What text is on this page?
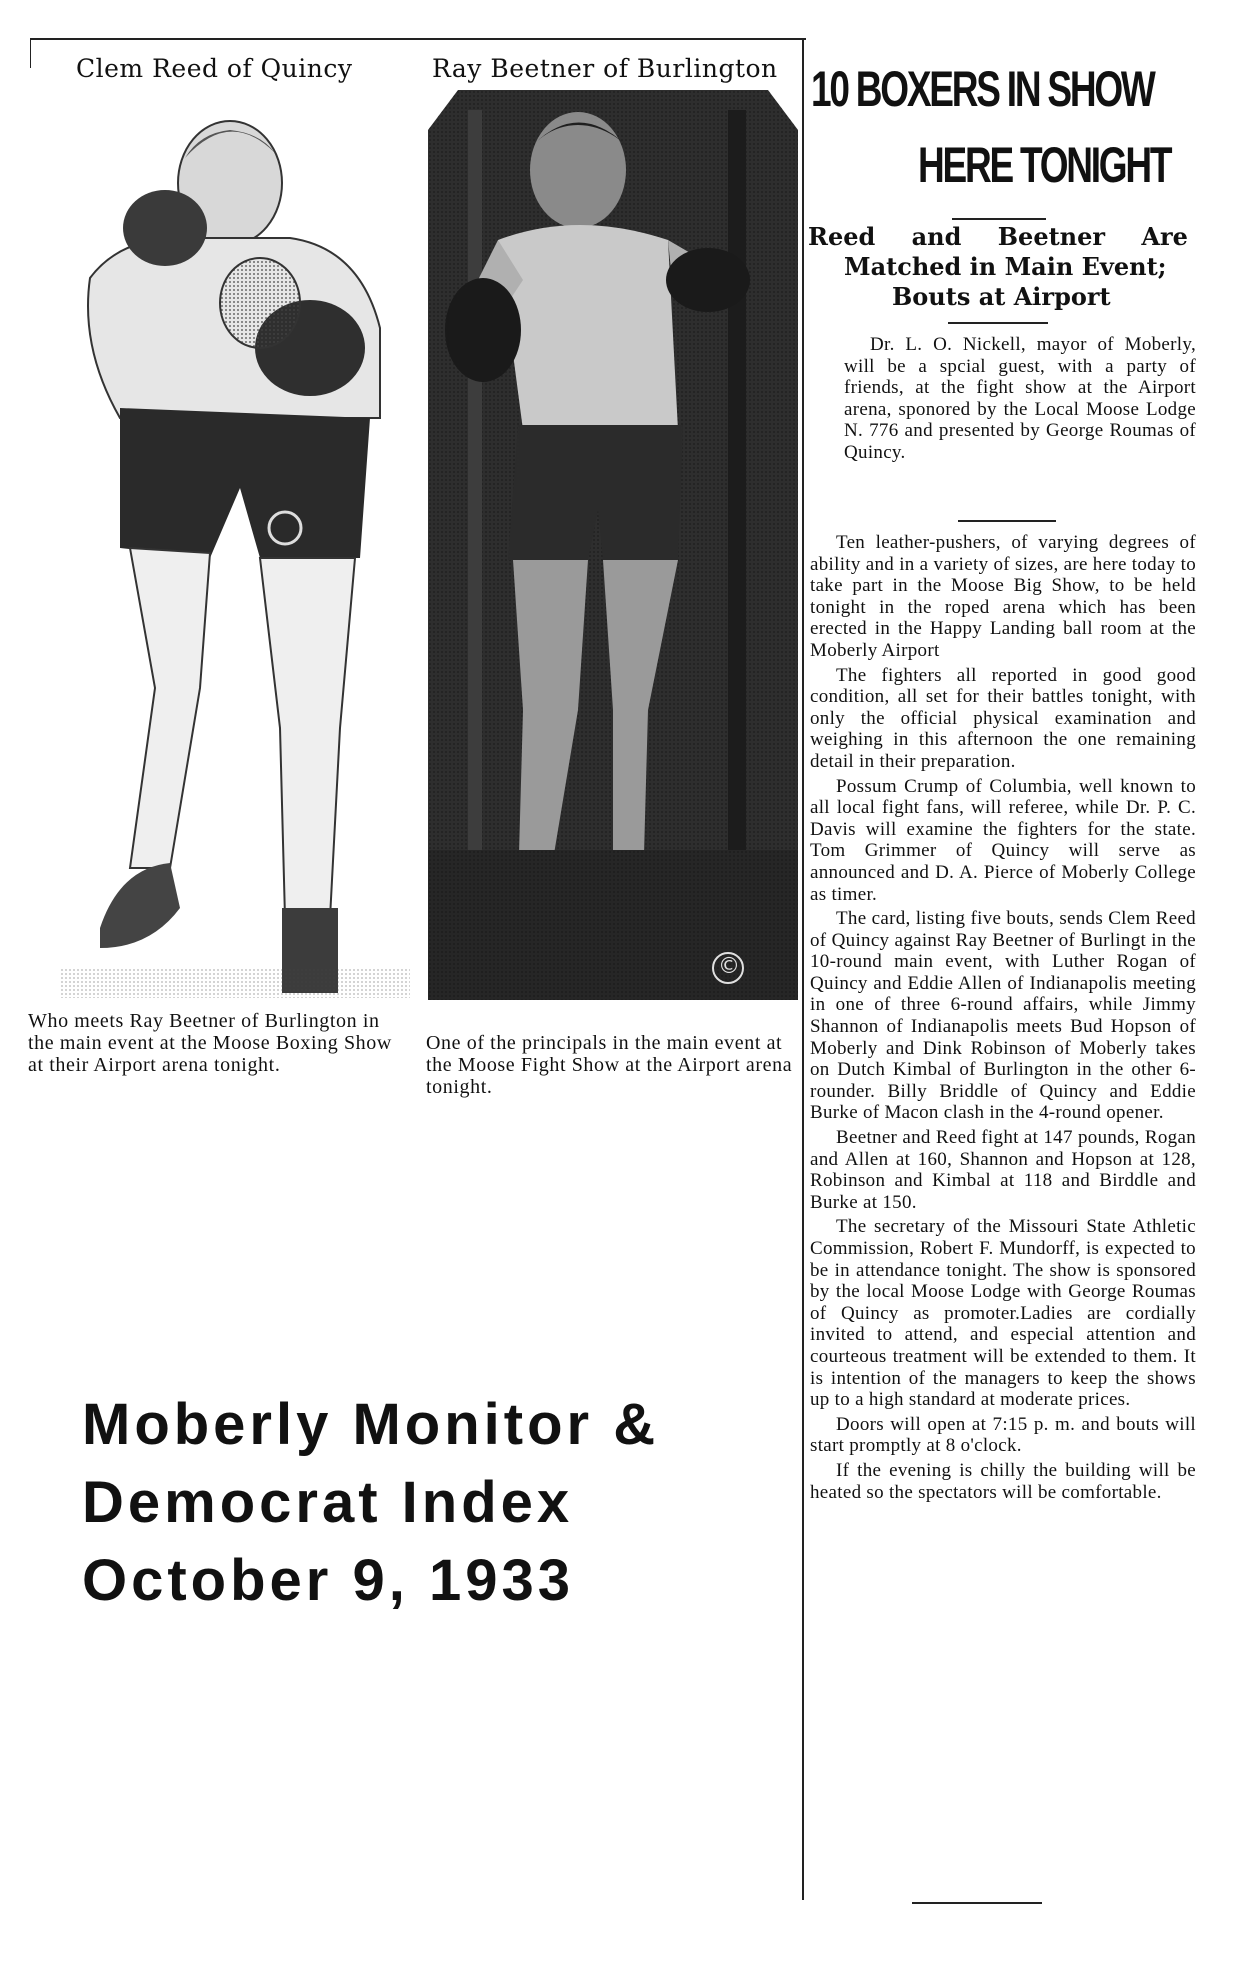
Clem Reed of Quincy
Who meets Ray Beetner of Burlington in the main event at the Moose Boxing Show at their Airport arena tonight.
Ray Beetner of Burlington
©
One of the principals in the main event at the Moose Fight Show at the Airport arena tonight.
10 BOXERS IN SHOW
HERE TONIGHT
Reed and Beetner Are
Matched in Main Event;
Bouts at Airport

Dr. L. O. Nickell, mayor of Moberly, will be a spcial guest, with a party of friends, at the fight show at the Airport arena, sponored by the Local Moose Lodge N. 776 and presented by George Roumas of Quincy.

Ten leather-pushers, of varying degrees of ability and in a variety of sizes, are here today to take part in the Moose Big Show, to be held tonight in the roped arena which has been erected in the Happy Landing ball room at the Moberly Airport

The fighters all reported in good good condition, all set for their battles tonight, with only the official physical examination and weighing in this afternoon the one remaining detail in their preparation.

Possum Crump of Columbia, well known to all local fight fans, will referee, while Dr. P. C. Davis will examine the fighters for the state. Tom Grimmer of Quincy will serve as announced and D. A. Pierce of Moberly College as timer.

The card, listing five bouts, sends Clem Reed of Quincy against Ray Beetner of Burlingt in the 10-round main event, with Luther Rogan of Quincy and Eddie Allen of Indianapolis meeting in one of three 6-round affairs, while Jimmy Shannon of Indianapolis meets Bud Hopson of Moberly and Dink Robinson of Moberly takes on Dutch Kimbal of Burlington in the other 6-rounder. Billy Briddle of Quincy and Eddie Burke of Macon clash in the 4-round opener.

Beetner and Reed fight at 147 pounds, Rogan and Allen at 160, Shannon and Hopson at 128, Robinson and Kimbal at 118 and Birddle and Burke at 150.

The secretary of the Missouri State Athletic Commission, Robert F. Mundorff, is expected to be in attendance tonight. The show is sponsored by the local Moose Lodge with George Roumas of Quincy as promoter.Ladies are cordially invited to attend, and especial attention and courteous treatment will be extended to them. It is intention of the managers to keep the shows up to a high standard at moderate prices.

Doors will open at 7:15 p. m. and bouts will start promptly at 8 o'clock.

If the evening is chilly the building will be heated so the spectators will be comfortable.

Moberly Monitor &
Democrat Index
October 9, 1933
